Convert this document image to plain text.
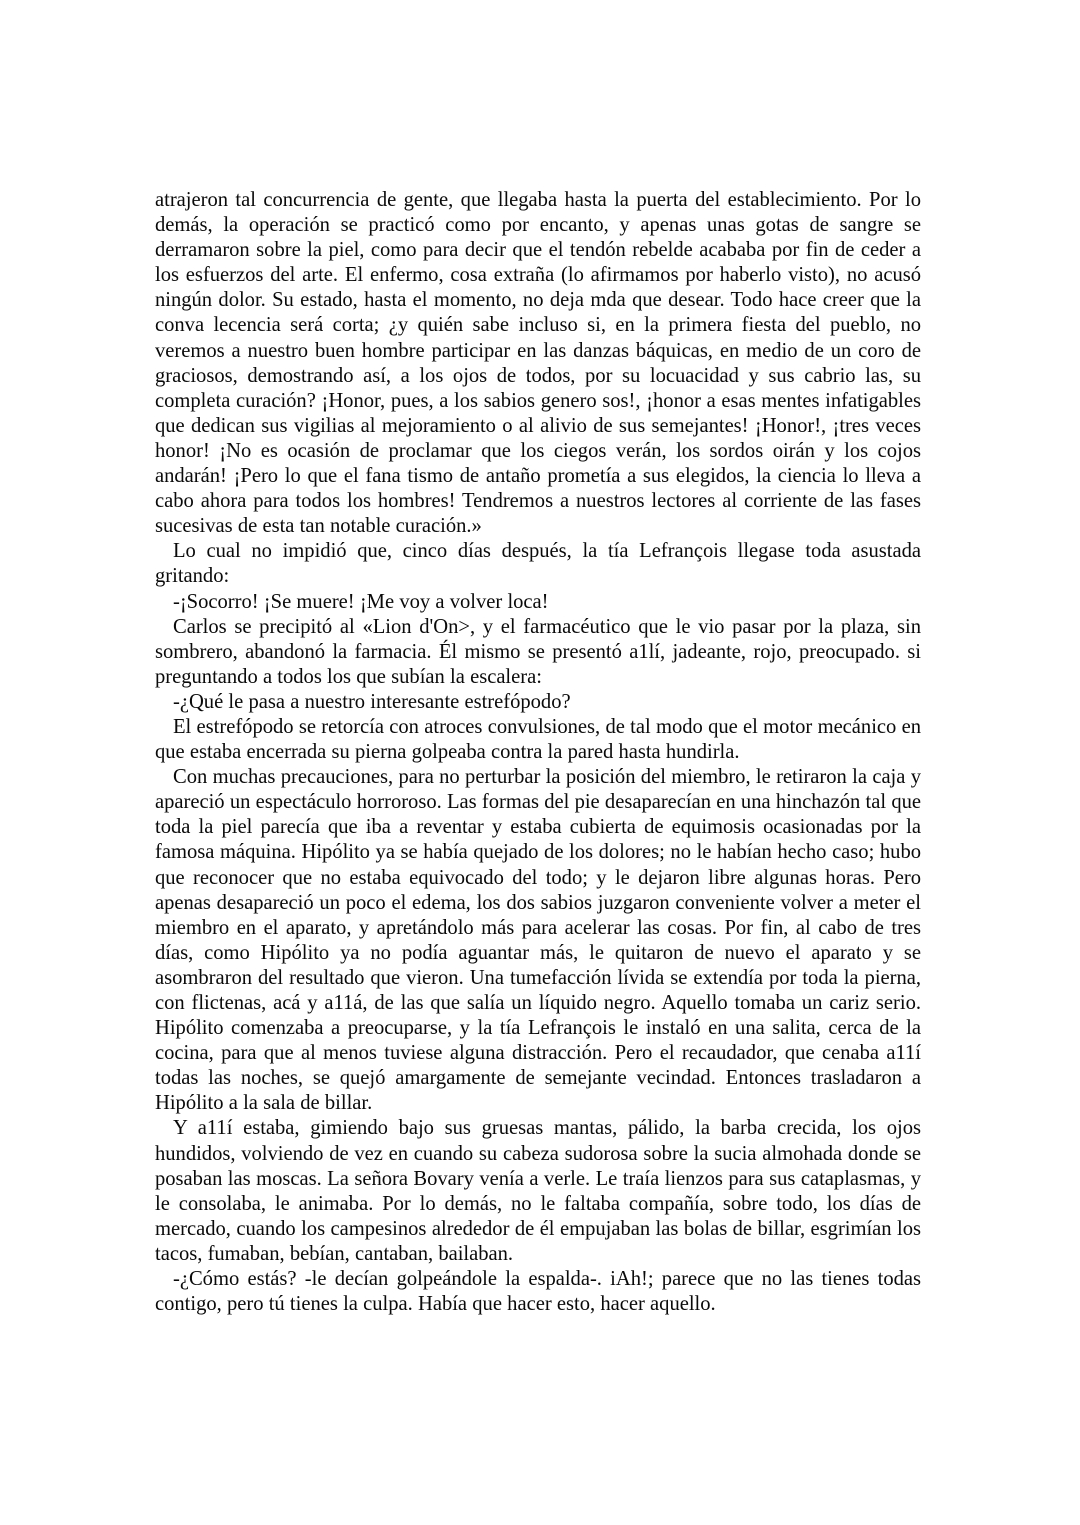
atrajeron tal concurrencia de gente, que llegaba hasta la puerta del establecimiento. Por lo demás, la operación se practicó como por encanto, y apenas unas gotas de sangre se derramaron sobre la piel, como para decir que el tendón rebelde acababa por fin de ceder a los esfuerzos del arte. El enfermo, cosa extraña (lo afirmamos por haberlo visto), no acusó ningún dolor. Su estado, hasta el momento, no deja mda que desear. Todo hace creer que la conva lecencia será corta; ¿y quién sabe incluso si, en la primera fiesta del pueblo, no veremos a nuestro buen hombre participar en las danzas báquicas, en medio de un coro de graciosos, demostrando así, a los ojos de todos, por su locuacidad y sus cabrio las, su completa curación? ¡Honor, pues, a los sabios genero sos!, ¡honor a esas mentes infatigables que dedican sus vigilias al mejoramiento o al alivio de sus semejantes! ¡Honor!, ¡tres veces honor! ¡No es ocasión de proclamar que los ciegos verán, los sordos oirán y los cojos andarán! ¡Pero lo que el fana tismo de antaño prometía a sus elegidos, la ciencia lo lleva a cabo ahora para todos los hombres! Tendremos a nuestros lectores al corriente de las fases sucesivas de esta tan notable curación.»

Lo cual no impidió que, cinco días después, la tía Lefrançois llegase toda asustada gritando:

-¡Socorro! ¡Se muere! ¡Me voy a volver loca!

Carlos se precipitó al «Lion d'On>, y el farmacéutico que le vio pasar por la plaza, sin sombrero, abandonó la farmacia. Él mismo se presentó a1lí, jadeante, rojo, preocupado. si preguntando a todos los que subían la escalera:

-¿Qué le pasa a nuestro interesante estrefópodo?

El estrefópodo se retorcía con atroces convulsiones, de tal modo que el motor mecánico en que estaba encerrada su pierna golpeaba contra la pared hasta hundirla.

Con muchas precauciones, para no perturbar la posición del miembro, le retiraron la caja y apareció un espectáculo horroroso. Las formas del pie desaparecían en una hinchazón tal que toda la piel parecía que iba a reventar y estaba cubierta de equimosis ocasionadas por la famosa máquina. Hipólito ya se había quejado de los dolores; no le habían hecho caso; hubo que reconocer que no estaba equivocado del todo; y le dejaron libre algunas horas. Pero apenas desapareció un poco el edema, los dos sabios juzgaron conveniente volver a meter el miembro en el aparato, y apretándolo más para acelerar las cosas. Por fin, al cabo de tres días, como Hipólito ya no podía aguantar más, le quitaron de nuevo el aparato y se asombraron del resultado que vieron. Una tumefacción lívida se extendía por toda la pierna, con flictenas, acá y a11á, de las que salía un líquido negro. Aquello tomaba un cariz serio. Hipólito comenzaba a preocuparse, y la tía Lefrançois le instaló en una salita, cerca de la cocina, para que al menos tuviese alguna distracción. Pero el recaudador, que cenaba a11í todas las noches, se quejó amargamente de semejante vecindad. Entonces trasladaron a Hipólito a la sala de billar.

Y a11í estaba, gimiendo bajo sus gruesas mantas, pálido, la barba crecida, los ojos hundidos, volviendo de vez en cuando su cabeza sudorosa sobre la sucia almohada donde se posaban las moscas. La señora Bovary venía a verle. Le traía lienzos para sus cataplasmas, y le consolaba, le animaba. Por lo demás, no le faltaba compañía, sobre todo, los días de mercado, cuando los campesinos alrededor de él empujaban las bolas de billar, esgrimían los tacos, fumaban, bebían, cantaban, bailaban.

-¿Cómo estás? -le decían golpeándole la espalda-. iAh!; parece que no las tienes todas contigo, pero tú tienes la culpa. Había que hacer esto, hacer aquello.
